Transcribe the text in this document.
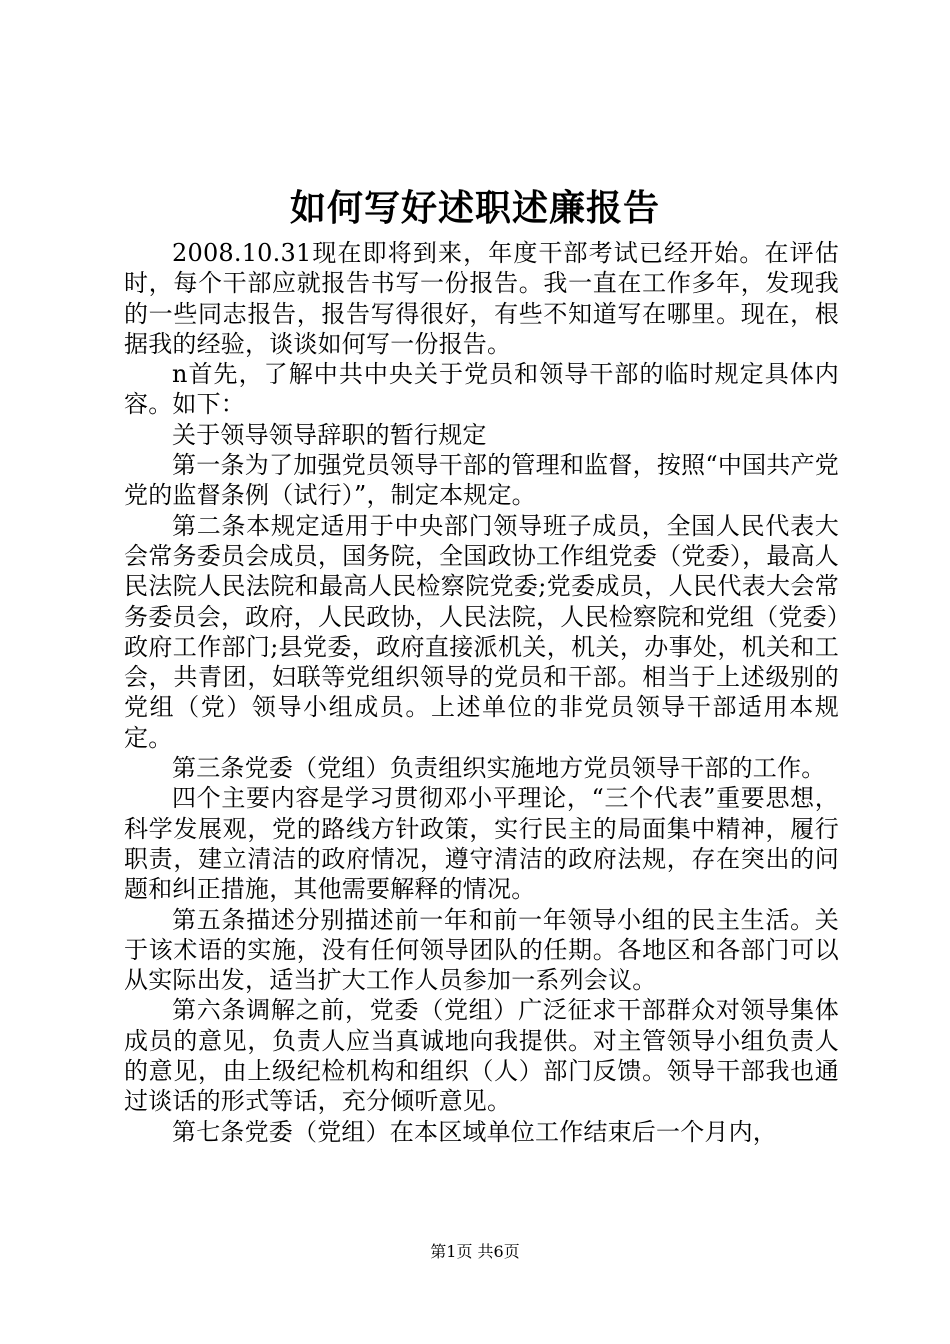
如何写好述职述廉报告

2008.10.31现在即将到来，年度干部考试已经开始。在评估时，每个干部应就报告书写一份报告。我一直在工作多年，发现我的一些同志报告，报告写得很好，有些不知道写在哪里。现在，根据我的经验，谈谈如何写一份报告。

n首先，了解中共中央关于党员和领导干部的临时规定具体内容。如下：

关于领导领导辞职的暂行规定

第一条为了加强党员领导干部的管理和监督，按照“中国共产党党的监督条例（试行）”，制定本规定。

第二条本规定适用于中央部门领导班子成员，全国人民代表大会常务委员会成员，国务院，全国政协工作组党委（党委），最高人民法院人民法院和最高人民检察院党委;党委成员，人民代表大会常务委员会，政府，人民政协，人民法院，人民检察院和党组（党委）政府工作部门;县党委，政府直接派机关，机关，办事处，机关和工会，共青团，妇联等党组织领导的党员和干部。相当于上述级别的党组（党）领导小组成员。上述单位的非党员领导干部适用本规定。

第三条党委（党组）负责组织实施地方党员领导干部的工作。

四个主要内容是学习贯彻邓小平理论，“三个代表”重要思想，科学发展观，党的路线方针政策，实行民主的局面集中精神，履行职责，建立清洁的政府情况，遵守清洁的政府法规，存在突出的问题和纠正措施，其他需要解释的情况。

第五条描述分别描述前一年和前一年领导小组的民主生活。关于该术语的实施，没有任何领导团队的任期。各地区和各部门可以从实际出发，适当扩大工作人员参加一系列会议。

第六条调解之前，党委（党组）广泛征求干部群众对领导集体成员的意见，负责人应当真诚地向我提供。对主管领导小组负责人的意见，由上级纪检机构和组织（人）部门反馈。领导干部我也通过谈话的形式等话，充分倾听意见。

第七条党委（党组）在本区域单位工作结束后一个月内，

第1页 共6页
